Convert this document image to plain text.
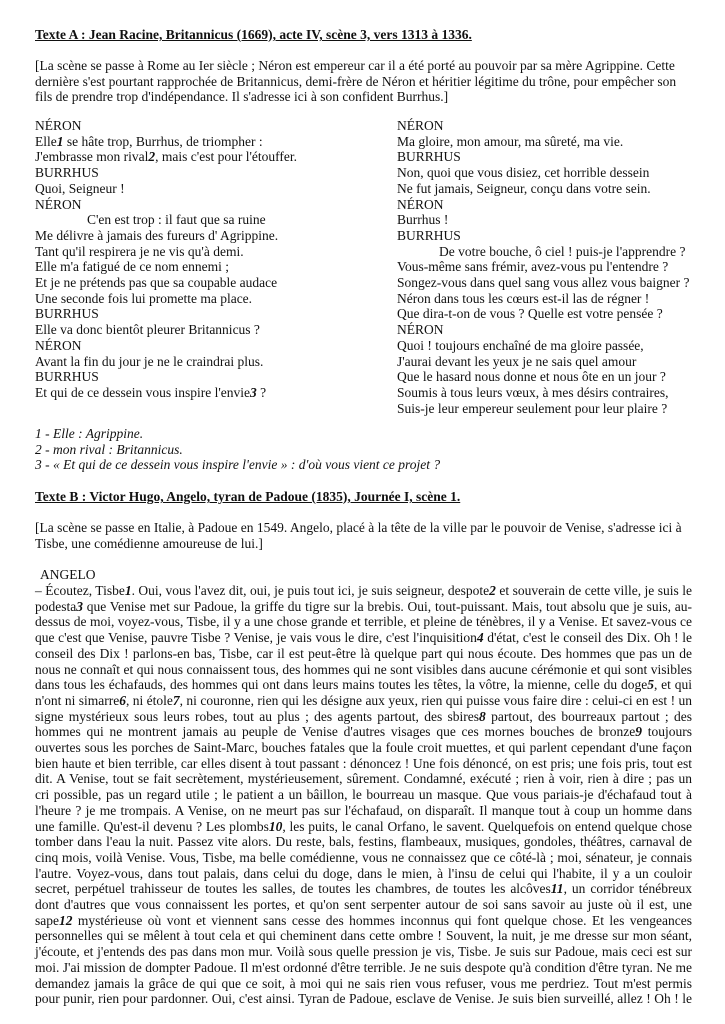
Texte A : Jean Racine, Britannicus (1669), acte IV, scène 3, vers 1313 à 1336.
[La scène se passe à Rome au Ier siècle ; Néron est empereur car il a été porté au pouvoir par sa mère Agrippine. Cette dernière s'est pourtant rapprochée de Britannicus, demi-frère de Néron et héritier légitime du trône, pour empêcher son fils de prendre trop d'indépendance. Il s'adresse ici à son confident Burrhus.]
NÉRON
Elle1 se hâte trop, Burrhus, de triompher :
J'embrasse mon rival2, mais c'est pour l'étouffer.
BURRHUS
Quoi, Seigneur !
NÉRON
C'en est trop : il faut que sa ruine
Me délivre à jamais des fureurs d' Agrippine.
Tant qu'il respirera je ne vis qu'à demi.
Elle m'a fatigué de ce nom ennemi ;
Et je ne prétends pas que sa coupable audace
Une seconde fois lui promette ma place.
BURRHUS
Elle va donc bientôt pleurer Britannicus ?
NÉRON
Avant la fin du jour je ne le craindrai plus.
BURRHUS
Et qui de ce dessein vous inspire l'envie3 ?
NÉRON
Ma gloire, mon amour, ma sûreté, ma vie.
BURRHUS
Non, quoi que vous disiez, cet horrible dessein
Ne fut jamais, Seigneur, conçu dans votre sein.
NÉRON
Burrhus !
BURRHUS
De votre bouche, ô ciel ! puis-je l'apprendre ?
Vous-même sans frémir, avez-vous pu l'entendre ?
Songez-vous dans quel sang vous allez vous baigner ?
Néron dans tous les cœurs est-il las de régner !
Que dira-t-on de vous ? Quelle est votre pensée ?
NÉRON
Quoi ! toujours enchaîné de ma gloire passée,
J'aurai devant les yeux je ne sais quel amour
Que le hasard nous donne et nous ôte en un jour ?
Soumis à tous leurs vœux, à mes désirs contraires,
Suis-je leur empereur seulement pour leur plaire ?
1 - Elle : Agrippine.
2 - mon rival : Britannicus.
3 - « Et qui de ce dessein vous inspire l'envie » : d'où vous vient ce projet ?
Texte B : Victor Hugo, Angelo, tyran de Padoue (1835), Journée I, scène 1.
[La scène se passe en Italie, à Padoue en 1549. Angelo, placé à la tête de la ville par le pouvoir de Venise, s'adresse ici à Tisbe, une comédienne amoureuse de lui.]
ANGELO
– Écoutez, Tisbe1. Oui, vous l'avez dit, oui, je puis tout ici, je suis seigneur, despote2 et souverain de cette ville, je suis le podesta3 que Venise met sur Padoue, la griffe du tigre sur la brebis. Oui, tout-puissant. Mais, tout absolu que je suis, au-dessus de moi, voyez-vous, Tisbe, il y a une chose grande et terrible, et pleine de ténèbres, il y a Venise. Et savez-vous ce que c'est que Venise, pauvre Tisbe ? Venise, je vais vous le dire, c'est l'inquisition4 d'état, c'est le conseil des Dix. Oh ! le conseil des Dix ! parlons-en bas, Tisbe, car il est peut-être là quelque part qui nous écoute. Des hommes que pas un de nous ne connaît et qui nous connaissent tous, des hommes qui ne sont visibles dans aucune cérémonie et qui sont visibles dans tous les échafauds, des hommes qui ont dans leurs mains toutes les têtes, la vôtre, la mienne, celle du doge5, et qui n'ont ni simarre6, ni étole7, ni couronne, rien qui les désigne aux yeux, rien qui puisse vous faire dire : celui-ci en est ! un signe mystérieux sous leurs robes, tout au plus ; des agents partout, des sbires8 partout, des bourreaux partout ; des hommes qui ne montrent jamais au peuple de Venise d'autres visages que ces mornes bouches de bronze9 toujours ouvertes sous les porches de Saint-Marc, bouches fatales que la foule croit muettes, et qui parlent cependant d'une façon bien haute et bien terrible, car elles disent à tout passant : dénoncez ! Une fois dénoncé, on est pris; une fois pris, tout est dit. A Venise, tout se fait secrètement, mystérieusement, sûrement. Condamné, exécuté ; rien à voir, rien à dire ; pas un cri possible, pas un regard utile ; le patient a un bâillon, le bourreau un masque. Que vous pariais-je d'échafaud tout à l'heure ? je me trompais. A Venise, on ne meurt pas sur l'échafaud, on disparaît. Il manque tout à coup un homme dans une famille. Qu'est-il devenu ? Les plombs10, les puits, le canal Orfano, le savent. Quelquefois on entend quelque chose tomber dans l'eau la nuit. Passez vite alors. Du reste, bals, festins, flambeaux, musiques, gondoles, théâtres, carnaval de cinq mois, voilà Venise. Vous, Tisbe, ma belle comédienne, vous ne connaissez que ce côté-là ; moi, sénateur, je connais l'autre. Voyez-vous, dans tout palais, dans celui du doge, dans le mien, à l'insu de celui qui l'habite, il y a un couloir secret, perpétuel trahisseur de toutes les salles, de toutes les chambres, de toutes les alcôves11, un corridor ténébreux dont d'autres que vous connaissent les portes, et qu'on sent serpenter autour de soi sans savoir au juste où il est, une sape12 mystérieuse où vont et viennent sans cesse des hommes inconnus qui font quelque chose. Et les vengeances personnelles qui se mêlent à tout cela et qui cheminent dans cette ombre ! Souvent, la nuit, je me dresse sur mon séant, j'écoute, et j'entends des pas dans mon mur. Voilà sous quelle pression je vis, Tisbe. Je suis sur Padoue, mais ceci est sur moi. J'ai mission de dompter Padoue. Il m'est ordonné d'être terrible. Je ne suis despote qu'à condition d'être tyran. Ne me demandez jamais la grâce de qui que ce soit, à moi qui ne sais rien vous refuser, vous me perdriez. Tout m'est permis pour punir, rien pour pardonner. Oui, c'est ainsi. Tyran de Padoue, esclave de Venise. Je suis bien surveillé, allez ! Oh ! le
